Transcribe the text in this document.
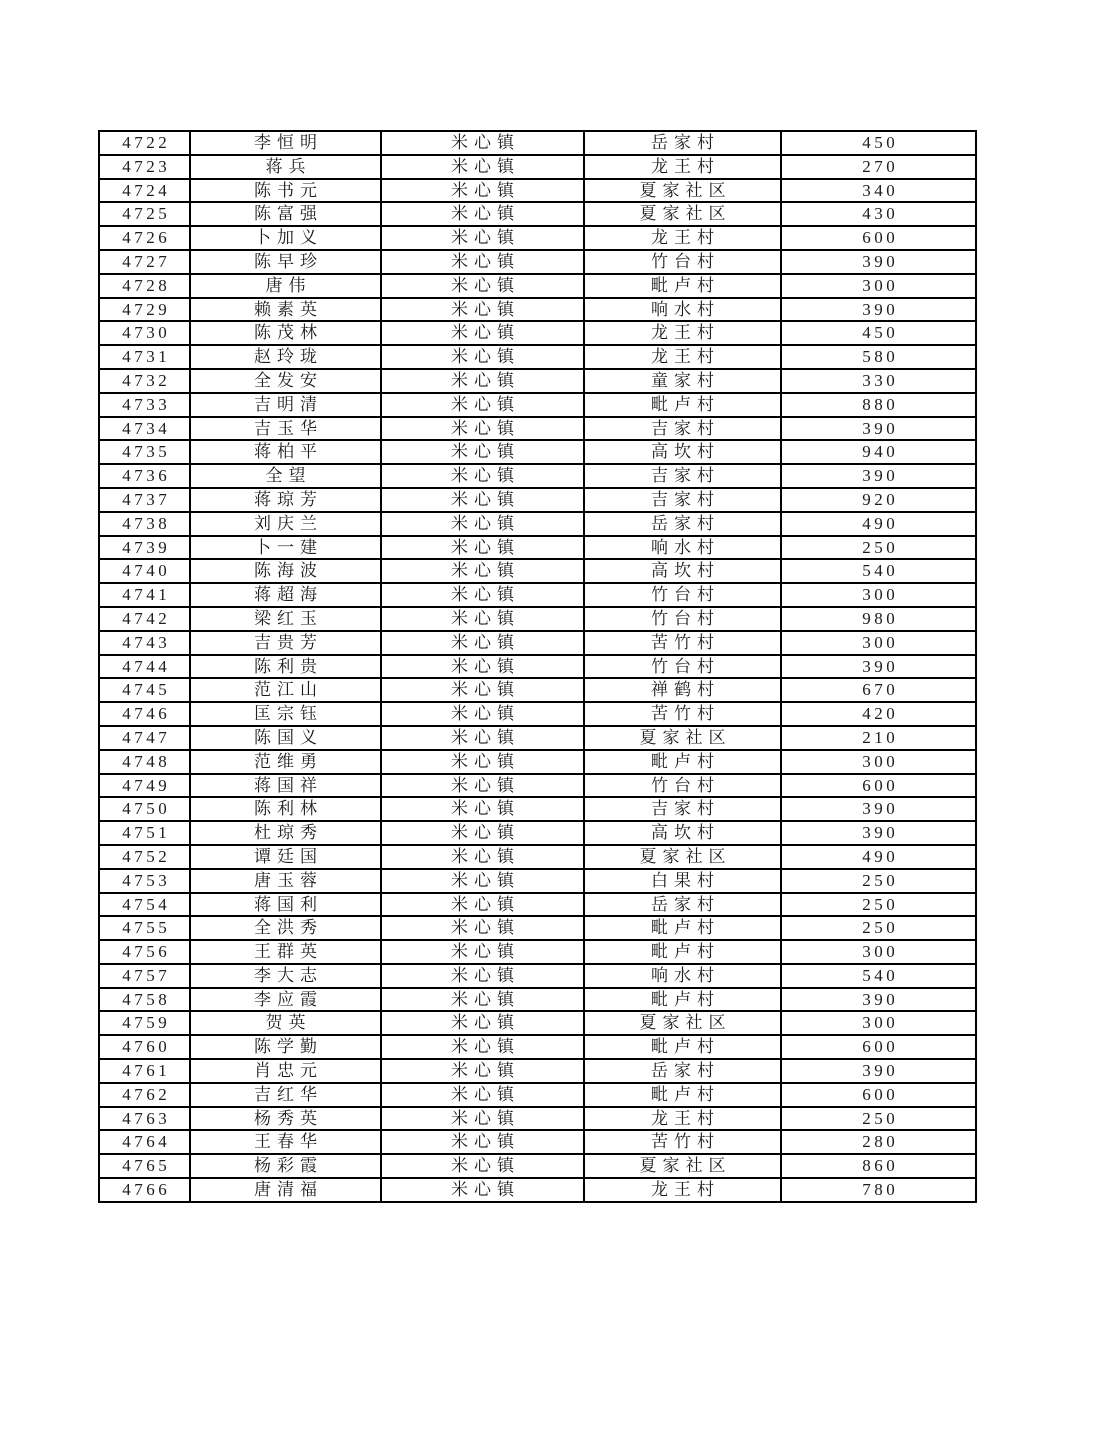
4722	李恒明	米心镇	岳家村	450
4723	蒋兵	米心镇	龙王村	270
4724	陈书元	米心镇	夏家社区	340
4725	陈富强	米心镇	夏家社区	430
4726	卜加义	米心镇	龙王村	600
4727	陈早珍	米心镇	竹台村	390
4728	唐伟	米心镇	毗卢村	300
4729	赖素英	米心镇	响水村	390
4730	陈茂林	米心镇	龙王村	450
4731	赵玲珑	米心镇	龙王村	580
4732	全发安	米心镇	童家村	330
4733	吉明清	米心镇	毗卢村	880
4734	吉玉华	米心镇	吉家村	390
4735	蒋柏平	米心镇	高坎村	940
4736	全望	米心镇	吉家村	390
4737	蒋琼芳	米心镇	吉家村	920
4738	刘庆兰	米心镇	岳家村	490
4739	卜一建	米心镇	响水村	250
4740	陈海波	米心镇	高坎村	540
4741	蒋超海	米心镇	竹台村	300
4742	梁红玉	米心镇	竹台村	980
4743	吉贵芳	米心镇	苦竹村	300
4744	陈利贵	米心镇	竹台村	390
4745	范江山	米心镇	禅鹤村	670
4746	匡宗钰	米心镇	苦竹村	420
4747	陈国义	米心镇	夏家社区	210
4748	范维勇	米心镇	毗卢村	300
4749	蒋国祥	米心镇	竹台村	600
4750	陈利林	米心镇	吉家村	390
4751	杜琼秀	米心镇	高坎村	390
4752	谭廷国	米心镇	夏家社区	490
4753	唐玉蓉	米心镇	白果村	250
4754	蒋国利	米心镇	岳家村	250
4755	全洪秀	米心镇	毗卢村	250
4756	王群英	米心镇	毗卢村	300
4757	李大志	米心镇	响水村	540
4758	李应霞	米心镇	毗卢村	390
4759	贺英	米心镇	夏家社区	300
4760	陈学勤	米心镇	毗卢村	600
4761	肖忠元	米心镇	岳家村	390
4762	吉红华	米心镇	毗卢村	600
4763	杨秀英	米心镇	龙王村	250
4764	王春华	米心镇	苦竹村	280
4765	杨彩霞	米心镇	夏家社区	860
4766	唐清福	米心镇	龙王村	780
